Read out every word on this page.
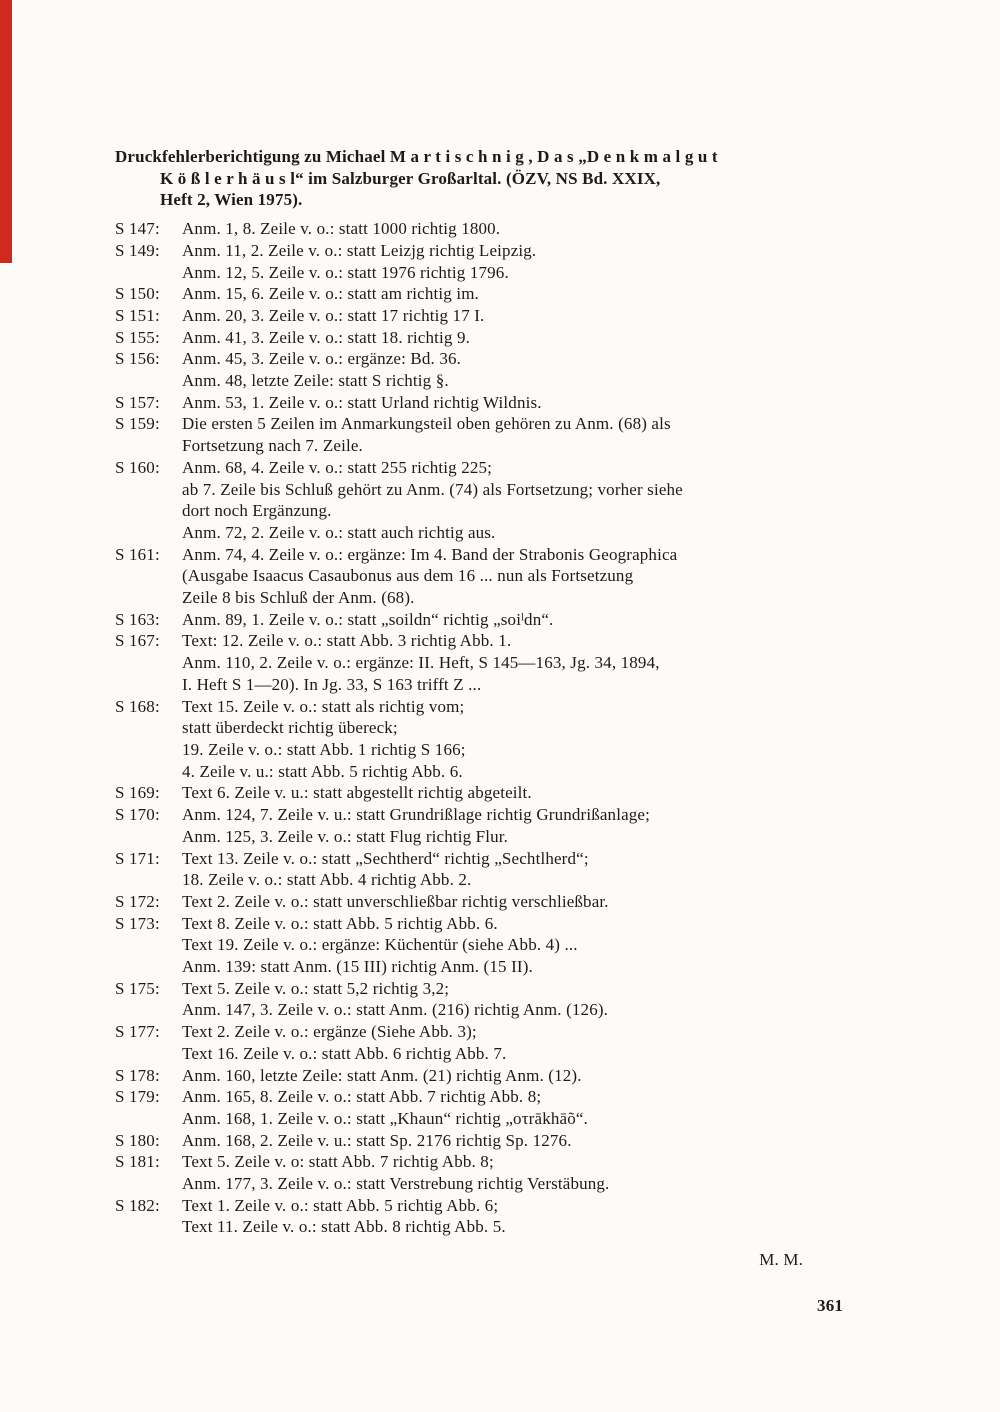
Druckfehlerberichtigung zu Michael M a r t i s c h n i g , D a s „D e n k m a l g u t
K ö ß l e r h ä u s l“ im Salzburger Großarltal. (ÖZV, NS Bd. XXIX,
Heft 2, Wien 1975).
S 147:	Anm. 1, 8. Zeile v. o.: statt 1000 richtig 1800.
S 149:	Anm. 11, 2. Zeile v. o.: statt Leizjg richtig Leipzig.
Anm. 12, 5. Zeile v. o.: statt 1976 richtig 1796.
S 150:	Anm. 15, 6. Zeile v. o.: statt am richtig im.
S 151:	Anm. 20, 3. Zeile v. o.: statt 17 richtig 17 I.
S 155:	Anm. 41, 3. Zeile v. o.: statt 18. richtig 9.
S 156:	Anm. 45, 3. Zeile v. o.: ergänze: Bd. 36.
Anm. 48, letzte Zeile: statt S richtig §.
S 157:	Anm. 53, 1. Zeile v. o.: statt Urland richtig Wildnis.
S 159:	Die ersten 5 Zeilen im Anmarkungsteil oben gehören zu Anm. (68) als
Fortsetzung nach 7. Zeile.
S 160:	Anm. 68, 4. Zeile v. o.: statt 255 richtig 225;
ab 7. Zeile bis Schluß gehört zu Anm. (74) als Fortsetzung; vorher siehe
dort noch Ergänzung.
Anm. 72, 2. Zeile v. o.: statt auch richtig aus.
S 161:	Anm. 74, 4. Zeile v. o.: ergänze: Im 4. Band der Strabonis Geographica
(Ausgabe Isaacus Casaubonus aus dem 16 ... nun als Fortsetzung
Zeile 8 bis Schluß der Anm. (68).
S 163:	Anm. 89, 1. Zeile v. o.: statt „soildn“ richtig „soiˡdn“.
S 167:	Text: 12. Zeile v. o.: statt Abb. 3 richtig Abb. 1.
Anm. 110, 2. Zeile v. o.: ergänze: II. Heft, S 145—163, Jg. 34, 1894,
I. Heft S 1—20). In Jg. 33, S 163 trifft Z ...
S 168:	Text 15. Zeile v. o.: statt als richtig vom;
statt überdeckt richtig übereck;
19. Zeile v. o.: statt Abb. 1 richtig S 166;
4. Zeile v. u.: statt Abb. 5 richtig Abb. 6.
S 169:	Text 6. Zeile v. u.: statt abgestellt richtig abgeteilt.
S 170:	Anm. 124, 7. Zeile v. u.: statt Grundrißlage richtig Grundrißanlage;
Anm. 125, 3. Zeile v. o.: statt Flug richtig Flur.
S 171:	Text 13. Zeile v. o.: statt „Sechtherd“ richtig „Sechtlherd“;
18. Zeile v. o.: statt Abb. 4 richtig Abb. 2.
S 172:	Text 2. Zeile v. o.: statt unverschließbar richtig verschließbar.
S 173:	Text 8. Zeile v. o.: statt Abb. 5 richtig Abb. 6.
Text 19. Zeile v. o.: ergänze: Küchentür (siehe Abb. 4) ...
Anm. 139: statt Anm. (15 III) richtig Anm. (15 II).
S 175:	Text 5. Zeile v. o.: statt 5,2 richtig 3,2;
Anm. 147, 3. Zeile v. o.: statt Anm. (216) richtig Anm. (126).
S 177:	Text 2. Zeile v. o.: ergänze (Siehe Abb. 3);
Text 16. Zeile v. o.: statt Abb. 6 richtig Abb. 7.
S 178:	Anm. 160, letzte Zeile: statt Anm. (21) richtig Anm. (12).
S 179:	Anm. 165, 8. Zeile v. o.: statt Abb. 7 richtig Abb. 8;
Anm. 168, 1. Zeile v. o.: statt „Khaun“ richtig „oτrākhāõ“.
S 180:	Anm. 168, 2. Zeile v. u.: statt Sp. 2176 richtig Sp. 1276.
S 181:	Text 5. Zeile v. o: statt Abb. 7 richtig Abb. 8;
Anm. 177, 3. Zeile v. o.: statt Verstrebung richtig Verstäbung.
S 182:	Text 1. Zeile v. o.: statt Abb. 5 richtig Abb. 6;
Text 11. Zeile v. o.: statt Abb. 8 richtig Abb. 5.
M. M.
361
